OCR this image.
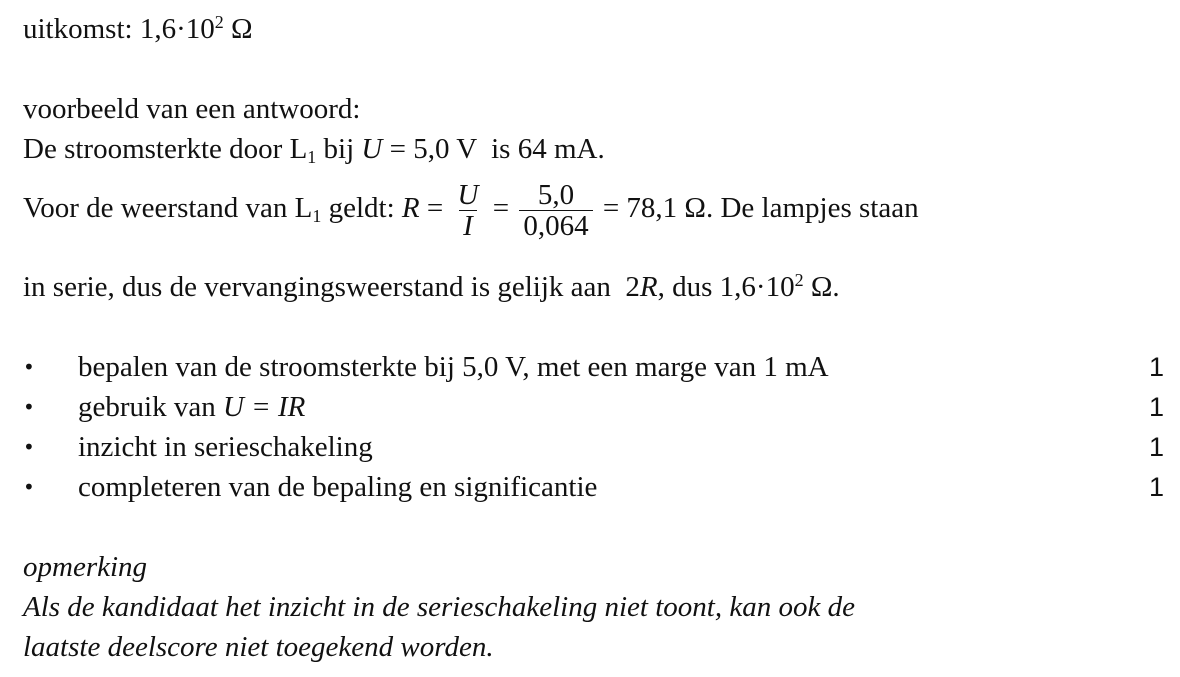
uitkomst: $1,6\cdot 10^2$ Ω
voorbeeld van een antwoord:
De stroomsterkte door $L_1$ bij U = 5,0 V  is 64 mA.
Voor de weerstand van $L_1$ geldt: $R = \frac{U}{I} = \frac{5,0}{0,064} = 78,1$ Ω. De lampjes staan
in serie, dus de vervangingsweerstand is gelijk aan  2R, dus $1,6\cdot 10^2$ Ω.
• bepalen van de stroomsterkte bij 5,0 V, met een marge van 1 mA	1
• gebruik van U = IR	1
• inzicht in serieschakeling	1
• completeren van de bepaling en significantie	1
opmerking
Als de kandidaat het inzicht in de serieschakeling niet toont, kan ook de
laatste deelscore niet toegekend worden.
